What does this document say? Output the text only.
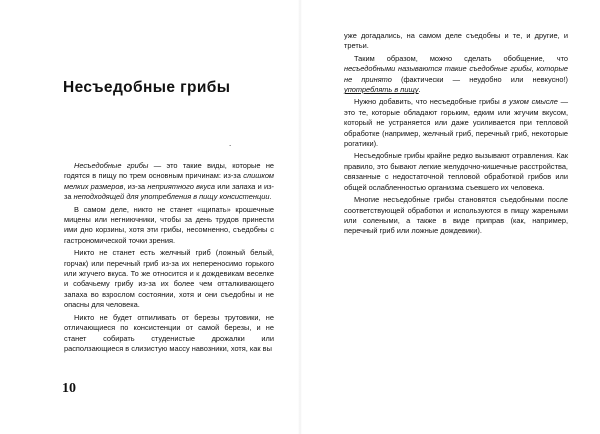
Несъедобные грибы
.

Несъедобные грибы — это такие виды, которые не годятся в пищу по трем основным причинам: из-за слишком мелких размеров, из-за неприятного вкуса или запаха и из-за неподходящей для употребления в пищу консистенции.

В самом деле, никто не станет «щипать» крошечные мицены или негниючники, чтобы за день трудов принести ими дно корзины, хотя эти грибы, несомненно, съедобны с гастрономической точки зрения.

Никто не станет есть желчный гриб (ложный белый, горчак) или перечный гриб из-за их непереносимо горького или жгучего вкуса. То же относится и к дождевикам веселке и собачьему грибу из-за их более чем отталкивающего запаха во взрослом состоянии, хотя и они съедобны и не опасны для человека.

Никто не будет отпиливать от березы трутовики, не отличающиеся по консистенции от самой березы, и не станет собирать студенистые дрожалки или расползающиеся в слизистую массу навозники, хотя, как вы

10

уже догадались, на самом деле съедобны и те, и другие, и третьи.

Таким образом, можно сделать обобщение, что несъедобными называются такие съедобные грибы, которые не принято (фактически — неудобно или невкусно!) употреблять в пищу.

Нужно добавить, что несъедобные грибы в узком смысле — это те, которые обладают горьким, едким или жгучим вкусом, который не устраняется или даже усиливается при тепловой обработке (например, желчный гриб, перечный гриб, некоторые рогатики).

Несъедобные грибы крайне редко вызывают отравления. Как правило, это бывают легкие желудочно-кишечные расстройства, связанные с недостаточной тепловой обработкой грибов или общей ослабленностью организма съевшего их человека.

Многие несъедобные грибы становятся съедобными после соответствующей обработки и используются в пищу жареными или солеными, а также в виде приправ (как, например, перечный гриб или ложные дождевики).
